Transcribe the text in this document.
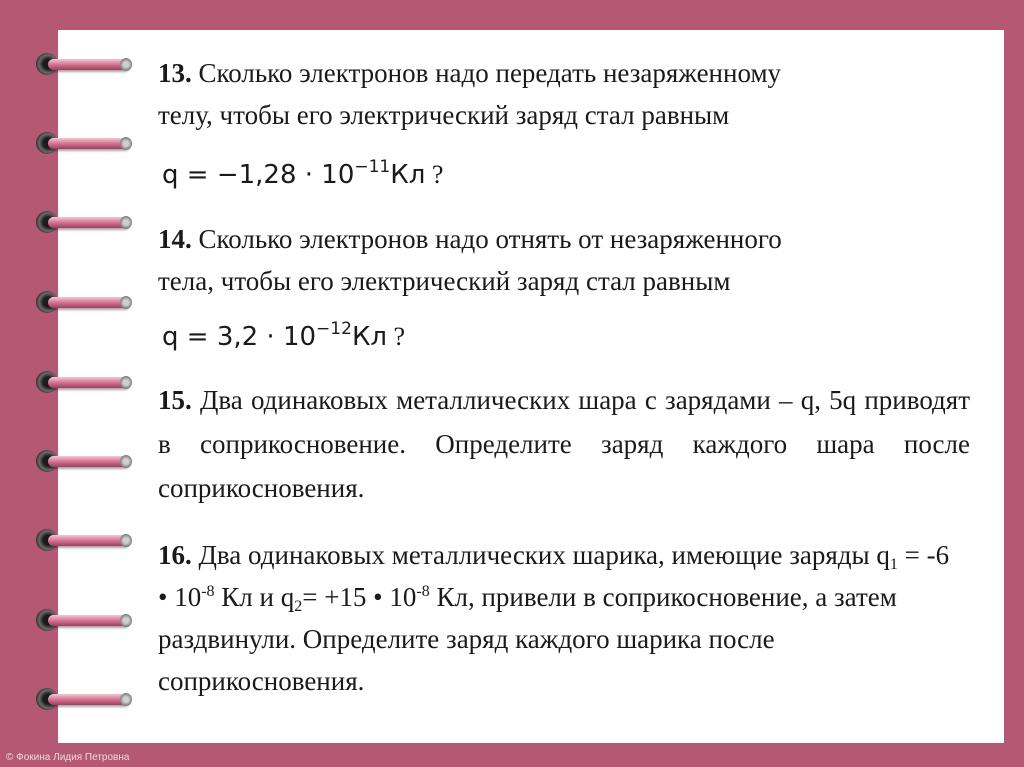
13. Сколько электронов надо передать незаряженному
телу, чтобы его электрический заряд стал равным
$q = -1,28 \cdot 10^{-11}Кл$ ?
14. Сколько электронов надо отнять от незаряженного
тела, чтобы его электрический заряд стал равным
$q = 3,2 \cdot 10^{-12}Кл$ ?
15. Два одинаковых металлических шара с зарядами – q, 5q приводят в соприкосновение. Определите заряд каждого шара после соприкосновения.
16. Два одинаковых металлических шарика, имеющие заряды $q_1 = -6$ • $10^{-8}$ Кл и $q_2= +15$ • $10^{-8}$ Кл, привели в соприкосновение, а затем раздвинули. Определите заряд каждого шарика после соприкосновения.
© Фокина Лидия Петровна
